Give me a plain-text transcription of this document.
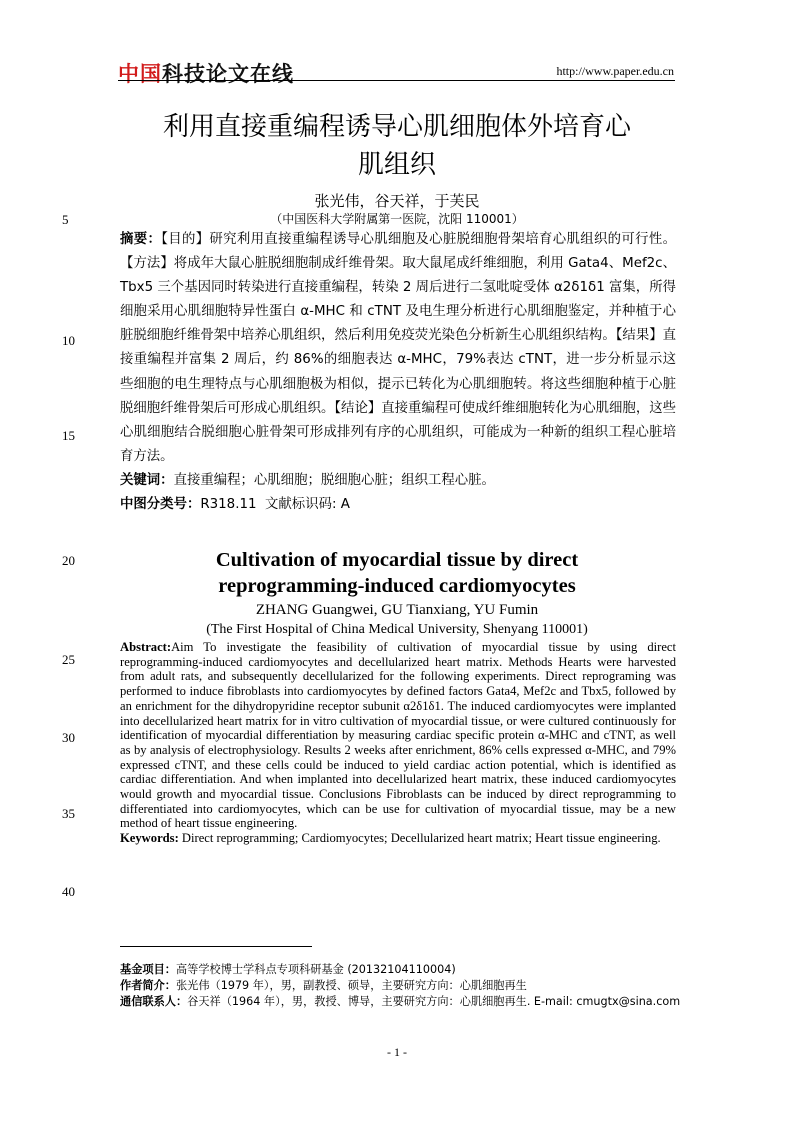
中国科技论文在线	http://www.paper.edu.cn
利用直接重编程诱导心肌细胞体外培育心
肌组织
张光伟，谷天祥，于芙民
（中国医科大学附属第一医院，沈阳 110001）
5
10
15
20
25
30
35
40

摘要：【目的】研究利用直接重编程诱导心肌细胞及心脏脱细胞骨架培育心肌组织的可行性。【方法】将成年大鼠心脏脱细胞制成纤维骨架。取大鼠尾成纤维细胞，利用 Gata4、Mef2c、Tbx5 三个基因同时转染进行直接重编程，转染 2 周后进行二氢吡啶受体 α2δ1δ1 富集，所得细胞采用心肌细胞特异性蛋白 α-MHC 和 cTNT 及电生理分析进行心肌细胞鉴定，并种植于心脏脱细胞纤维骨架中培养心肌组织，然后利用免疫荧光染色分析新生心肌组织结构。【结果】直接重编程并富集 2 周后，约 86%的细胞表达 α-MHC，79%表达 cTNT，进一步分析显示这些细胞的电生理特点与心肌细胞极为相似，提示已转化为心肌细胞转。将这些细胞种植于心脏脱细胞纤维骨架后可形成心肌组织。【结论】直接重编程可使成纤维细胞转化为心肌细胞，这些心肌细胞结合脱细胞心脏骨架可形成排列有序的心肌组织，可能成为一种新的组织工程心脏培育方法。

关键词：直接重编程；心肌细胞；脱细胞心脏；组织工程心脏。

中图分类号：R318.11 文献标识码: A

Cultivation of myocardial tissue by direct
reprogramming-induced cardiomyocytes
ZHANG Guangwei, GU Tianxiang, YU Fumin
(The First Hospital of China Medical University, Shenyang 110001)

Abstract:Aim To investigate the feasibility of cultivation of myocardial tissue by using direct reprogramming-induced cardiomyocytes and decellularized heart matrix. Methods Hearts were harvested from adult rats, and subsequently decellularized for the following experiments. Direct reprograming was performed to induce fibroblasts into cardiomyocytes by defined factors Gata4, Mef2c and Tbx5, followed by an enrichment for the dihydropyridine receptor subunit α2δ1δ1. The induced cardiomyocytes were implanted into decellularized heart matrix for in vitro cultivation of myocardial tissue, or were cultured continuously for identification of myocardial differentiation by measuring cardiac specific protein α-MHC and cTNT, as well as by analysis of electrophysiology. Results 2 weeks after enrichment, 86% cells expressed α-MHC, and 79% expressed cTNT, and these cells could be induced to yield cardiac action potential, which is identified as cardiac differentiation. And when implanted into decellularized heart matrix, these induced cardiomyocytes would growth and myocardial tissue. Conclusions Fibroblasts can be induced by direct reprogramming to differentiated into cardiomyocytes, which can be use for cultivation of myocardial tissue, may be a new method of heart tissue engineering.

Keywords: Direct reprogramming; Cardiomyocytes; Decellularized heart matrix; Heart tissue engineering.

基金项目：高等学校博士学科点专项科研基金 (20132104110004)

作者简介：张光伟（1979 年），男，副教授、硕导，主要研究方向：心肌细胞再生

通信联系人：谷天祥（1964 年），男，教授、博导，主要研究方向：心肌细胞再生. E-mail: cmugtx@sina.com

- 1 -
